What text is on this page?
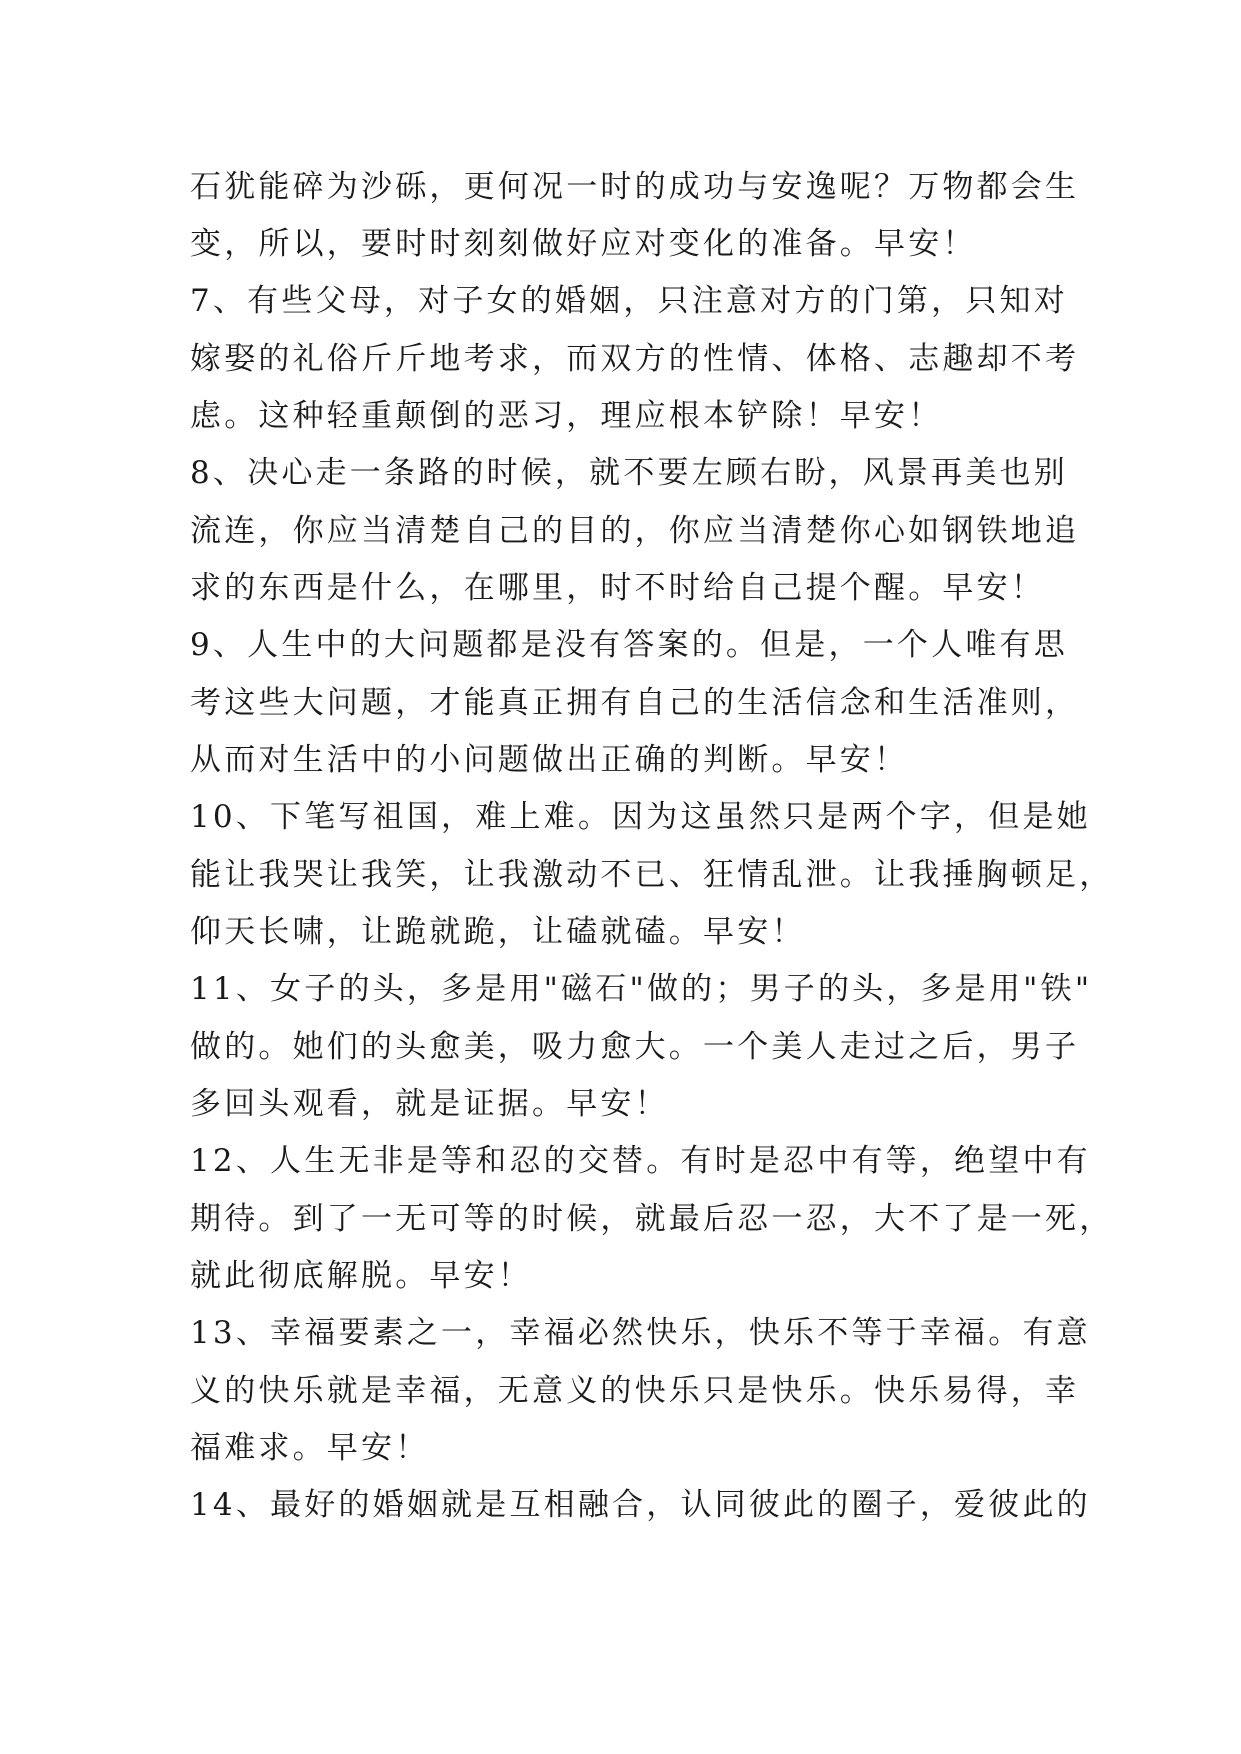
石犹能碎为沙砾，更何况一时的成功与安逸呢？万物都会生
变，所以，要时时刻刻做好应对变化的准备。早安！
7、有些父母，对子女的婚姻，只注意对方的门第，只知对
嫁娶的礼俗斤斤地考求，而双方的性情、体格、志趣却不考
虑。这种轻重颠倒的恶习，理应根本铲除！早安！
8、决心走一条路的时候，就不要左顾右盼，风景再美也别
流连，你应当清楚自己的目的，你应当清楚你心如钢铁地追
求的东西是什么，在哪里，时不时给自己提个醒。早安！
9、人生中的大问题都是没有答案的。但是，一个人唯有思
考这些大问题，才能真正拥有自己的生活信念和生活准则，
从而对生活中的小问题做出正确的判断。早安！
10、下笔写祖国，难上难。因为这虽然只是两个字，但是她
能让我哭让我笑，让我激动不已、狂情乱泄。让我捶胸顿足，
仰天长啸，让跪就跪，让磕就磕。早安！
11、女子的头，多是用"磁石"做的；男子的头，多是用"铁"
做的。她们的头愈美，吸力愈大。一个美人走过之后，男子
多回头观看，就是证据。早安！
12、人生无非是等和忍的交替。有时是忍中有等，绝望中有
期待。到了一无可等的时候，就最后忍一忍，大不了是一死，
就此彻底解脱。早安！
13、幸福要素之一，幸福必然快乐，快乐不等于幸福。有意
义的快乐就是幸福，无意义的快乐只是快乐。快乐易得，幸
福难求。早安！
14、最好的婚姻就是互相融合，认同彼此的圈子，爱彼此的
